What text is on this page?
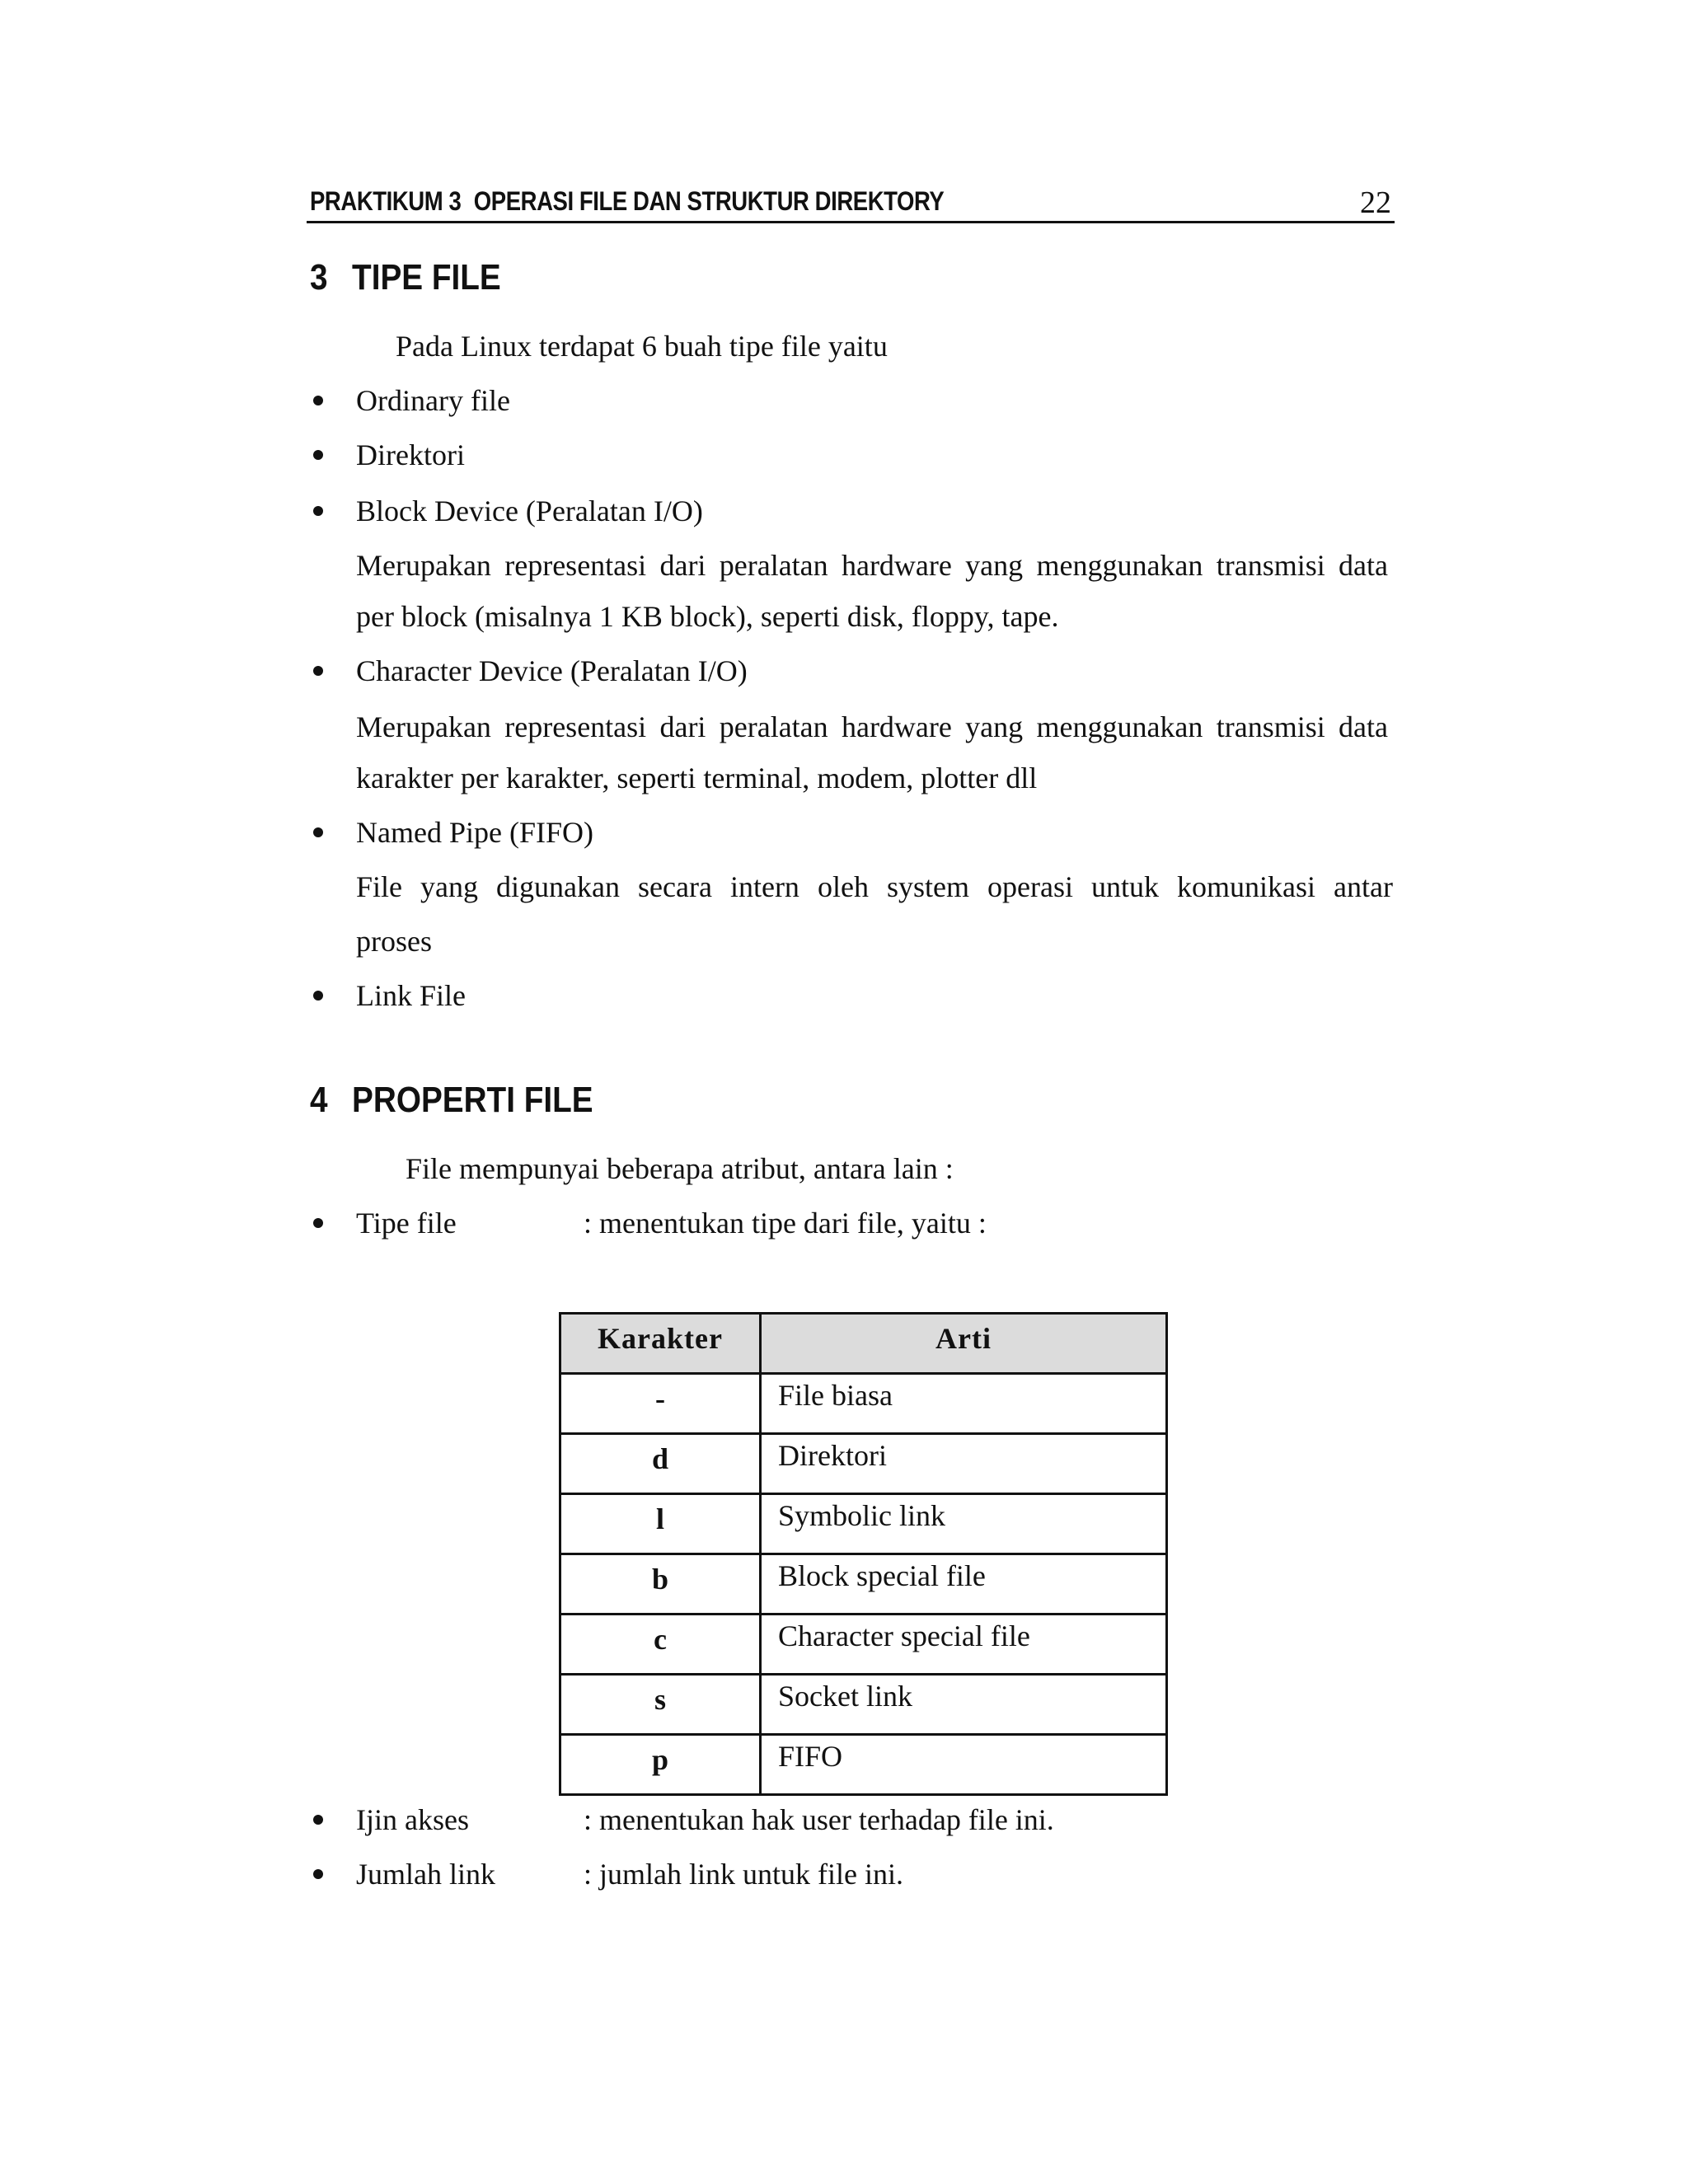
PRAKTIKUM 3 OPERASI FILE DAN STRUKTUR DIREKTORY	22
3 TIPE FILE
Pada Linux terdapat 6 buah tipe file yaitu
Ordinary file
Direktori
Block Device (Peralatan I/O)
Merupakan representasi dari peralatan hardware yang menggunakan transmisi data
per block (misalnya 1 KB block), seperti disk, floppy, tape.
Character Device (Peralatan I/O)
Merupakan representasi dari peralatan hardware yang menggunakan transmisi data
karakter per karakter, seperti terminal, modem, plotter dll
Named Pipe (FIFO)
File yang digunakan secara intern oleh system operasi untuk komunikasi antar
proses
Link File
4 PROPERTI FILE
File mempunyai beberapa atribut, antara lain :
Tipe file	: menentukan tipe dari file, yaitu :
Karakter	Arti
-	File biasa
d	Direktori
l	Symbolic link
b	Block special file
c	Character special file
s	Socket link
p	FIFO
Ijin akses	: menentukan hak user terhadap file ini.
Jumlah link	: jumlah link untuk file ini.
